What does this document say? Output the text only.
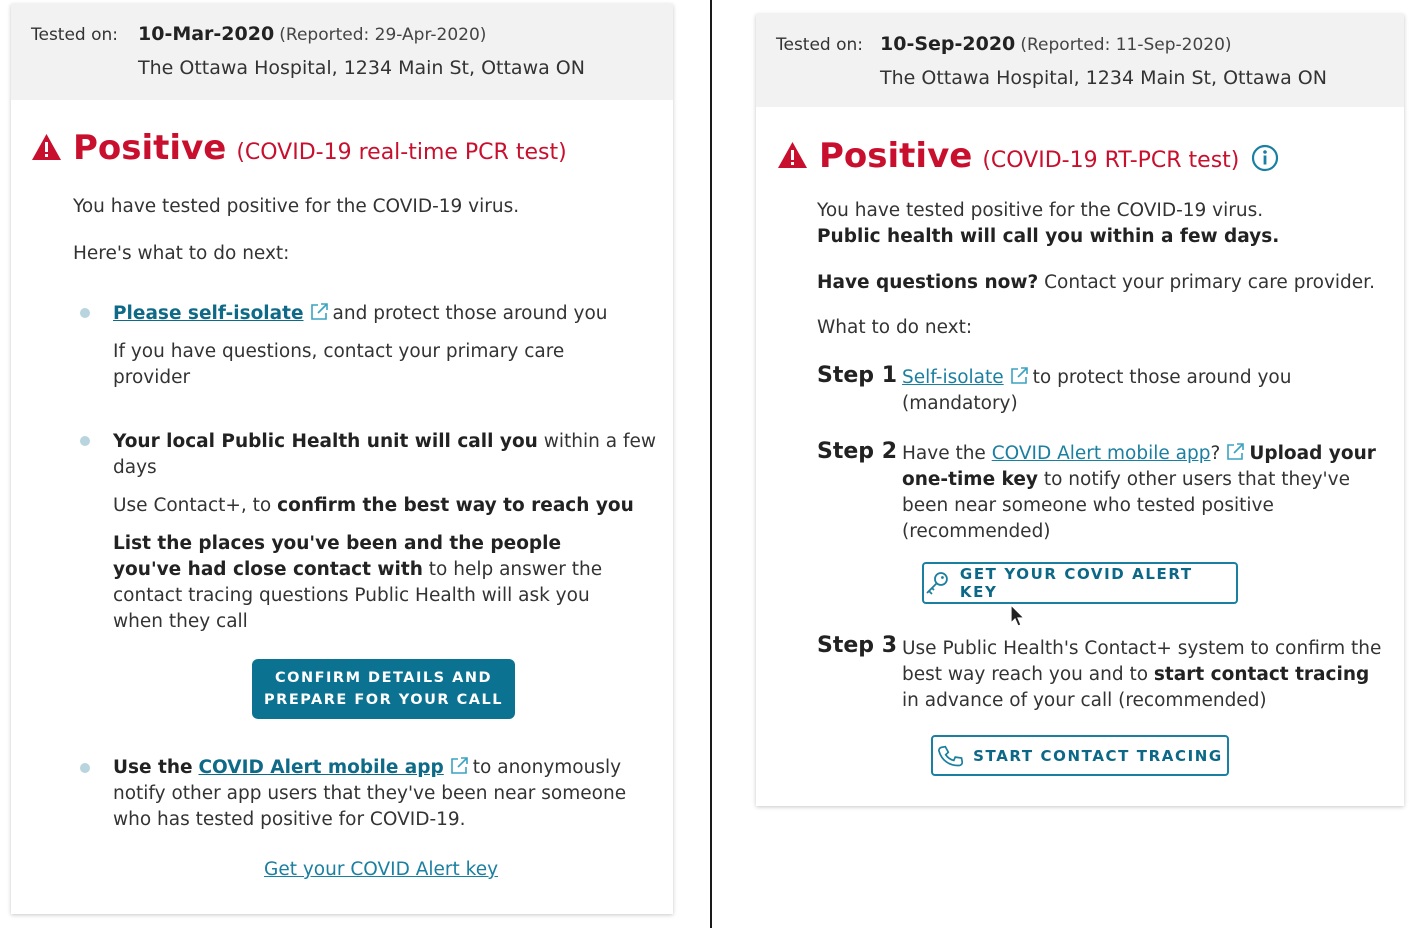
Tested on: 10-Mar-2020 (Reported: 29-Apr-2020)
The Ottawa Hospital, 1234 Main St, Ottawa ON
Positive (COVID-19 real-time PCR test)
You have tested positive for the COVID-19 virus.
Here's what to do next:
Please self-isolate and protect those around you
If you have questions, contact your primary care provider
Your local Public Health unit will call you within a few days
Use Contact+, to confirm the best way to reach you
List the places you've been and the people you've had close contact with to help answer the contact tracing questions Public Health will ask you when they call
CONFIRM DETAILS AND
PREPARE FOR YOUR CALL
Use the COVID Alert mobile app to anonymously notify other app users that they've been near someone who has tested positive for COVID-19.
Get your COVID Alert key
Tested on: 10-Sep-2020 (Reported: 11-Sep-2020)
The Ottawa Hospital, 1234 Main St, Ottawa ON
Positive (COVID-19 RT-PCR test)
You have tested positive for the COVID-19 virus.
Public health will call you within a few days.
Have questions now? Contact your primary care provider.
What to do next:
Step 1 Self-isolate to protect those around you (mandatory)
Step 2 Have the COVID Alert mobile app? Upload your one-time key to notify other users that they've been near someone who tested positive (recommended)
GET YOUR COVID ALERT KEY
Step 3 Use Public Health's Contact+ system to confirm the best way reach you and to start contact tracing in advance of your call (recommended)
START CONTACT TRACING
